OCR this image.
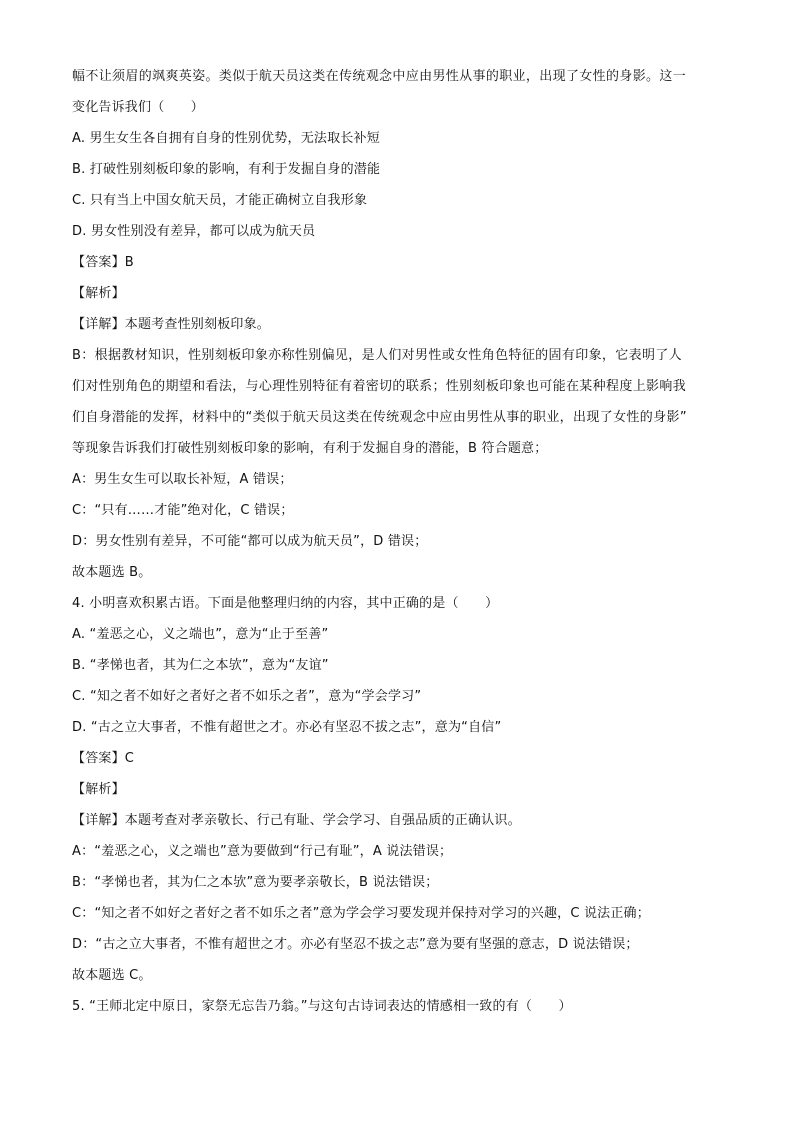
幅不让须眉的飒爽英姿。类似于航天员这类在传统观念中应由男性从事的职业，出现了女性的身影。这一
变化告诉我们（　　）
A. 男生女生各自拥有自身的性别优势，无法取长补短
B. 打破性别刻板印象的影响，有利于发掘自身的潜能
C. 只有当上中国女航天员，才能正确树立自我形象
D. 男女性别没有差异，都可以成为航天员
【答案】B
【解析】
【详解】本题考查性别刻板印象。
B：根据教材知识，性别刻板印象亦称性别偏见，是人们对男性或女性角色特征的固有印象，它表明了人
们对性别角色的期望和看法，与心理性别特征有着密切的联系；性别刻板印象也可能在某种程度上影响我
们自身潜能的发挥，材料中的“类似于航天员这类在传统观念中应由男性从事的职业，出现了女性的身影”
等现象告诉我们打破性别刻板印象的影响，有利于发掘自身的潜能，B 符合题意；
A：男生女生可以取长补短，A 错误；
C：“只有……才能”绝对化，C 错误；
D：男女性别有差异，不可能“都可以成为航天员”，D 错误；
故本题选 B。
4. 小明喜欢积累古语。下面是他整理归纳的内容，其中正确的是（　　）
A. “羞恶之心，义之端也”，意为“止于至善”
B. “孝悌也者，其为仁之本欤”，意为“友谊”
C. “知之者不如好之者好之者不如乐之者”，意为“学会学习”
D. “古之立大事者，不惟有超世之才。亦必有坚忍不拔之志”，意为“自信”
【答案】C
【解析】
【详解】本题考查对孝亲敬长、行己有耻、学会学习、自强品质的正确认识。
A：“羞恶之心，义之端也”意为要做到“行己有耻”，A 说法错误；
B：“孝悌也者，其为仁之本欤”意为要孝亲敬长，B 说法错误；
C：“知之者不如好之者好之者不如乐之者”意为学会学习要发现并保持对学习的兴趣，C 说法正确；
D：“古之立大事者，不惟有超世之才。亦必有坚忍不拔之志”意为要有坚强的意志，D 说法错误；
故本题选 C。
5. “王师北定中原日，家祭无忘告乃翁。”与这句古诗词表达的情感相一致的有（　　）
